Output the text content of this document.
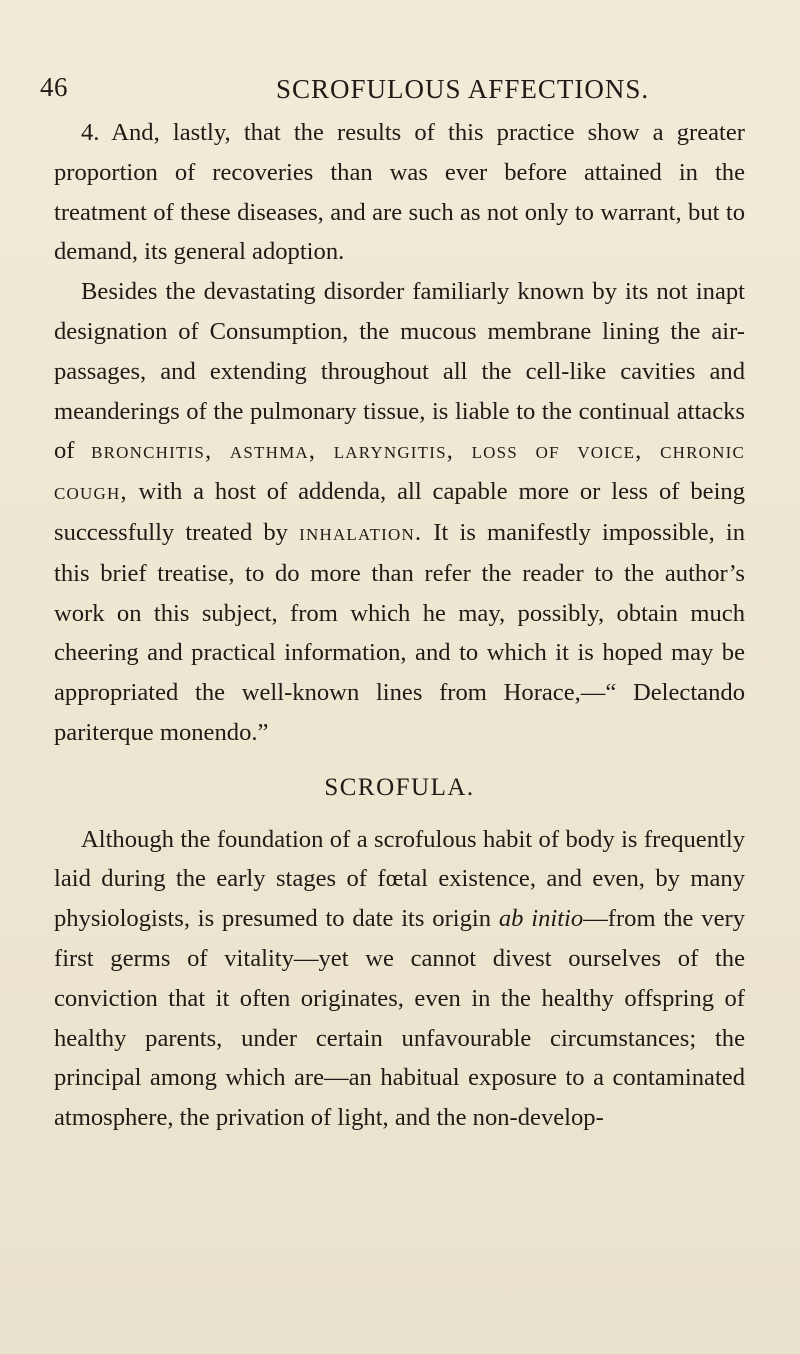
46	SCROFULOUS AFFECTIONS.

4. And, lastly, that the results of this practice show a greater proportion of recoveries than was ever before attained in the treatment of these diseases, and are such as not only to warrant, but to demand, its general adoption.

Besides the devastating disorder familiarly known by its not inapt designation of Consumption, the mucous membrane lining the air-passages, and extending throughout all the cell-like cavities and meanderings of the pulmonary tissue, is liable to the continual attacks of bronchitis, asthma, laryngitis, loss of voice, chronic cough, with a host of addenda, all capable more or less of being successfully treated by inhalation. It is manifestly impossible, in this brief treatise, to do more than refer the reader to the author’s work on this subject, from which he may, possibly, obtain much cheering and practical information, and to which it is hoped may be appropriated the well-known lines from Horace,—“ Delectando pariterque monendo.”

SCROFULA.

Although the foundation of a scrofulous habit of body is frequently laid during the early stages of fœtal existence, and even, by many physiologists, is presumed to date its origin ab initio—from the very first germs of vitality—yet we cannot divest ourselves of the conviction that it often originates, even in the healthy offspring of healthy parents, under certain unfavourable circumstances; the principal among which are—an habitual exposure to a contaminated atmosphere, the privation of light, and the non-develop-
